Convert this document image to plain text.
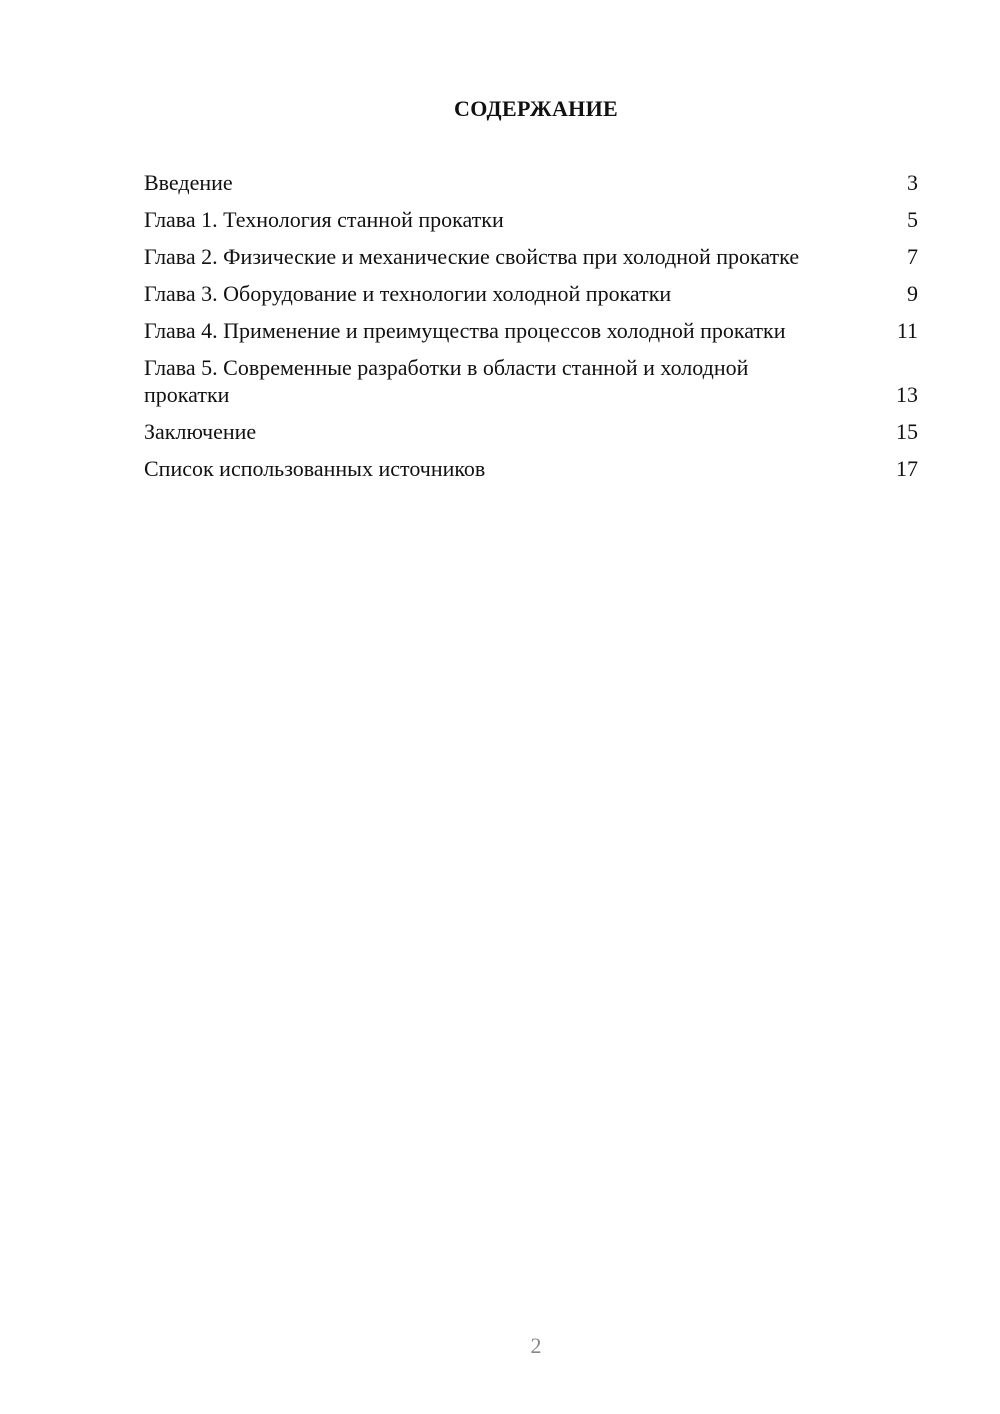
СОДЕРЖАНИЕ
Введение	3
Глава 1. Технология станной прокатки	5
Глава 2. Физические и механические свойства при холодной прокатке	7
Глава 3. Оборудование и технологии холодной прокатки	9
Глава 4. Применение и преимущества процессов холодной прокатки	11
Глава 5. Современные разработки в области станной и холодной прокатки	13
Заключение	15
Список использованных источников	17
2
